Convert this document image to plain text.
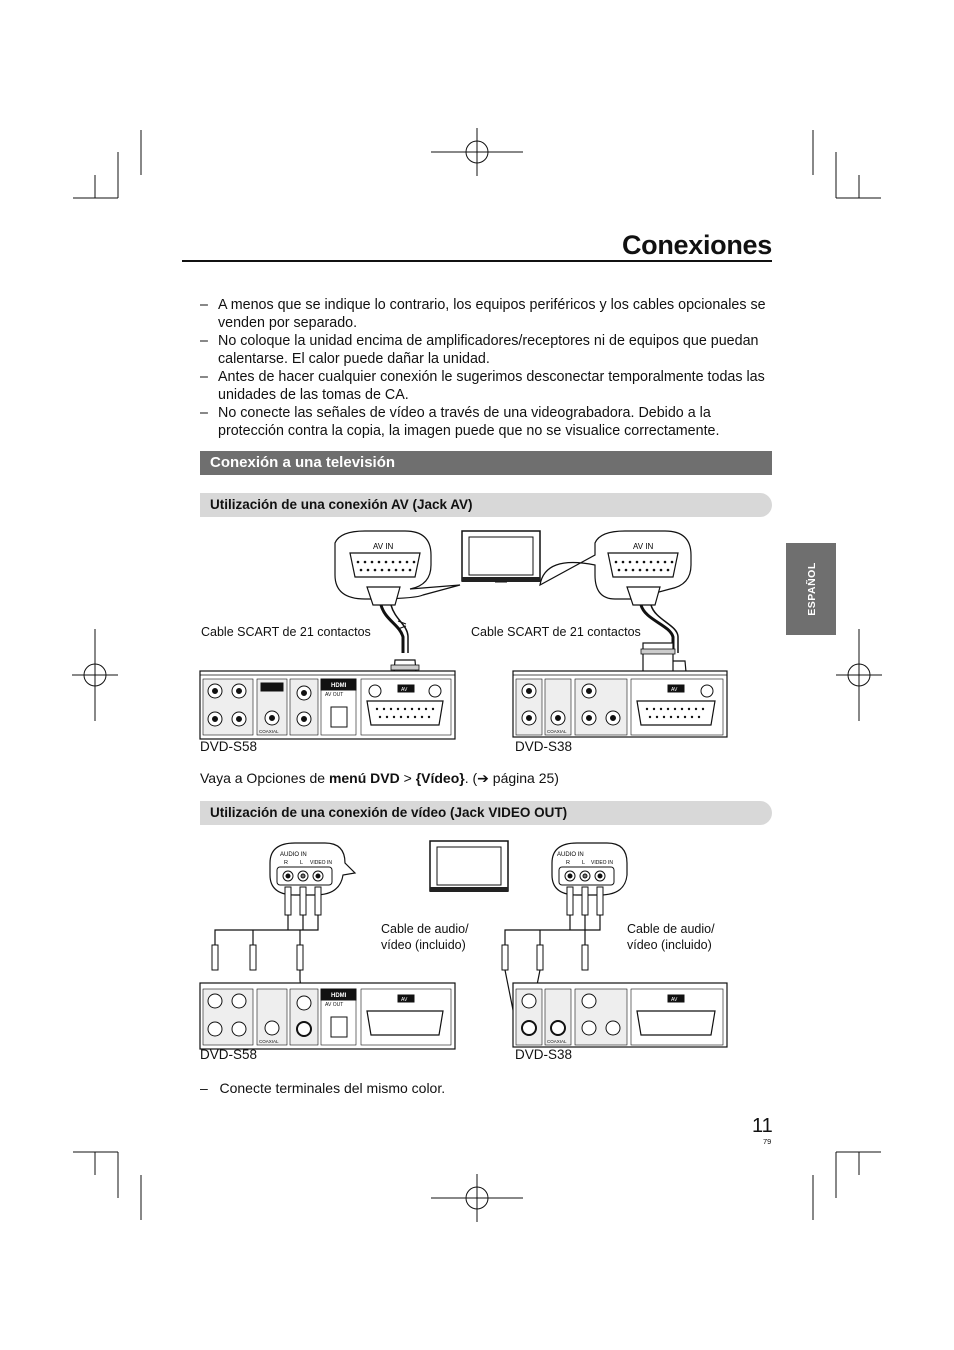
Conexiones
– A menos que se indique lo contrario, los equipos periféricos y los cables opcionales se venden por separado.
– No coloque la unidad encima de amplificadores/receptores ni de equipos que puedan calentarse. El calor puede dañar la unidad.
– Antes de hacer cualquier conexión le sugerimos desconectar temporalmente todas las unidades de las tomas de CA.
– No conecte las señales de vídeo a través de una videograbadora. Debido a la protección contra la copia, la imagen puede que no se visualice correctamente.
Conexión a una televisión
ESPAÑOL
Utilización de una conexión AV (Jack AV)
AV IN	AV IN
HDMI
AV OUT
AV
COAXIAL
AV
COAXIAL
Cable SCART de 21 contactos	Cable SCART de 21 contactos
DVD-S58	DVD-S38
Vaya a Opciones de menú DVD > {Vídeo}. (➔ página 25)
Utilización de una conexión de vídeo (Jack VIDEO OUT)
AUDIO IN
R L VIDEO IN
AUDIO IN
R L VIDEO IN
HDMI
AV OUT
AV
COAXIAL
AV
COAXIAL
Cable de audio/
vídeo (incluido)
Cable de audio/
vídeo (incluido)
DVD-S58	DVD-S38
–   Conecte terminales del mismo color.
11
79
